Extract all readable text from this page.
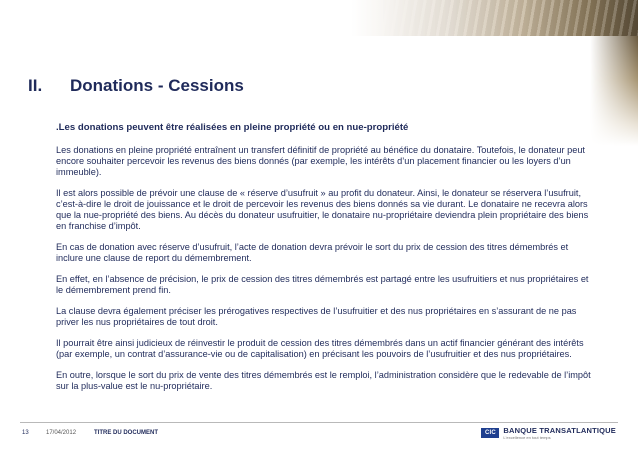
II.	Donations - Cessions

.Les donations peuvent être réalisées en pleine propriété ou en nue-propriété

Les donations en pleine propriété entraînent un transfert définitif de propriété au bénéfice du donataire. Toutefois, le donateur peut encore souhaiter percevoir les revenus des biens donnés (par exemple, les intérêts d’un placement financier ou les loyers d’un immeuble).

Il est alors possible de prévoir une clause de « réserve d’usufruit » au profit du donateur. Ainsi, le donateur se réservera l’usufruit, c’est-à-dire le droit de jouissance et le droit de percevoir les revenus des biens donnés sa vie durant. Le donataire ne recevra alors que la nue-propriété des biens. Au décès du donateur usufruitier, le donataire nu-propriétaire deviendra plein propriétaire des biens en franchise d’impôt.

En cas de donation avec réserve d’usufruit, l’acte de donation devra prévoir le sort du prix de cession des titres démembrés et inclure une clause de report du démembrement.

En effet, en l’absence de précision, le prix de cession des titres démembrés est partagé entre les usufruitiers et nus propriétaires et le démembrement prend fin.

La clause devra également préciser les prérogatives respectives de l’usufruitier et des nus propriétaires en s’assurant de ne pas priver les nus propriétaires de tout droit.

Il pourrait être ainsi judicieux de réinvestir le produit de cession des titres démembrés dans un actif financier générant des intérêts (par exemple, un contrat d’assurance-vie ou de capitalisation) en précisant les pouvoirs de l’usufruitier et des nus propriétaires.

En outre, lorsque le sort du prix de vente des titres démembrés est le remploi, l’administration considère que le redevable de l’impôt sur la plus-value est le nu-propriétaire.

13	17/04/2012	TITRE DU DOCUMENT	CIC	BANQUE TRANSATLANTIQUE
L'excellence en tout temps
